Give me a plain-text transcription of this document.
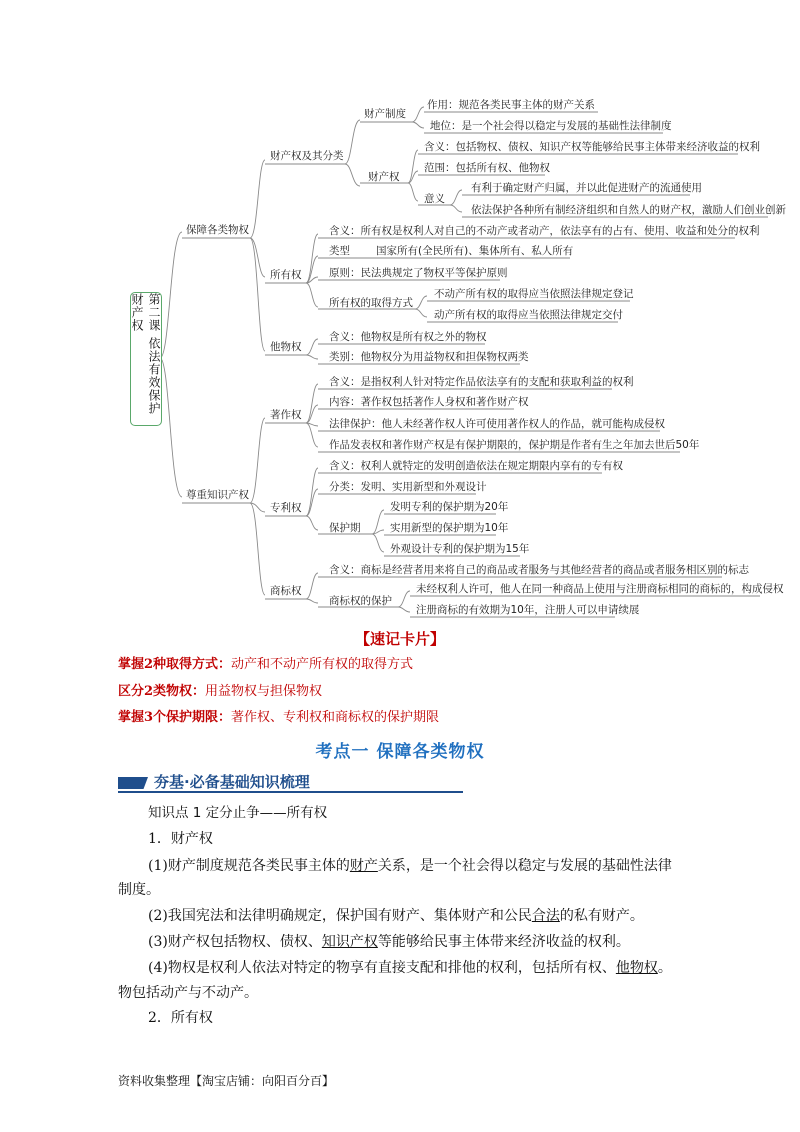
第二课 依法有效保护财产权
保障各类物权
尊重知识产权
财产权及其分类
所有权
他物权
著作权
专利权
商标权
财产制度
财产权
意义
类型
所有权的取得方式
保护期
商标权的保护
作用：规范各类民事主体的财产关系
地位：是一个社会得以稳定与发展的基础性法律制度
含义：包括物权、债权、知识产权等能够给民事主体带来经济收益的权利
范围：包括所有权、他物权
有利于确定财产归属，并以此促进财产的流通使用
依法保护各种所有制经济组织和自然人的财产权，激励人们创业创新
含义：所有权是权利人对自己的不动产或者动产，依法享有的占有、使用、收益和处分的权利
国家所有(全民所有)、集体所有、私人所有
原则：民法典规定了物权平等保护原则
不动产所有权的取得应当依照法律规定登记
动产所有权的取得应当依照法律规定交付
含义：他物权是所有权之外的物权
类别：他物权分为用益物权和担保物权两类
含义：是指权利人针对特定作品依法享有的支配和获取利益的权利
内容：著作权包括著作人身权和著作财产权
法律保护：他人未经著作权人许可使用著作权人的作品，就可能构成侵权
作品发表权和著作财产权是有保护期限的，保护期是作者有生之年加去世后50年
含义：权利人就特定的发明创造依法在规定期限内享有的专有权
分类：发明、实用新型和外观设计
发明专利的保护期为20年
实用新型的保护期为10年
外观设计专利的保护期为15年
含义：商标是经营者用来将自己的商品或者服务与其他经营者的商品或者服务相区别的标志
未经权利人许可，他人在同一种商品上使用与注册商标相同的商标的，构成侵权
注册商标的有效期为10年，注册人可以申请续展
【速记卡片】
掌握2种取得方式：动产和不动产所有权的取得方式
区分2类物权：用益物权与担保物权
掌握3个保护期限：著作权、专利权和商标权的保护期限
考点一 保障各类物权
夯基·必备基础知识梳理
知识点 1 定分止争——所有权
1．财产权
(1)财产制度规范各类民事主体的财产关系，是一个社会得以稳定与发展的基础性法律
制度。
(2)我国宪法和法律明确规定，保护国有财产、集体财产和公民合法的私有财产。
(3)财产权包括物权、债权、知识产权等能够给民事主体带来经济收益的权利。
(4)物权是权利人依法对特定的物享有直接支配和排他的权利，包括所有权、他物权。
物包括动产与不动产。
2．所有权
资料收集整理【淘宝店铺：向阳百分百】
